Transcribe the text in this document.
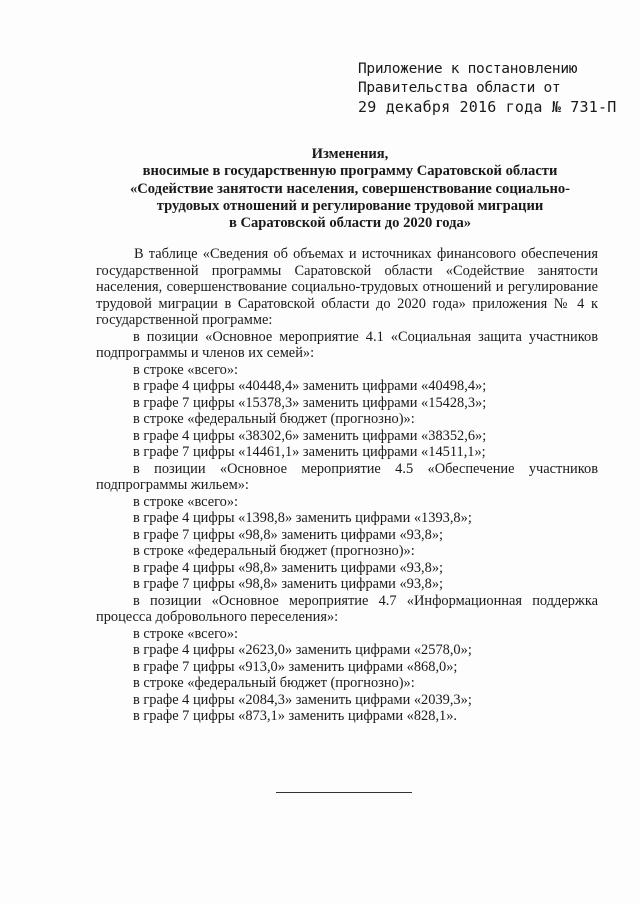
Приложение к постановлению
Правительства области от
29 декабря 2016 года № 731-П
Изменения,
вносимые в государственную программу Саратовской области
«Содействие занятости населения, совершенствование социально-
трудовых отношений и регулирование трудовой миграции
в Саратовской области до 2020 года»
В таблице «Сведения об объемах и источниках финансового обеспечения государственной программы Саратовской области «Содействие занятости населения, совершенствование социально-трудовых отношений и регулирование трудовой миграции в Саратовской области до 2020 года» приложения № 4 к государственной программе:
в позиции «Основное мероприятие 4.1 «Социальная защита участников подпрограммы и членов их семей»:
в строке «всего»:
в графе 4 цифры «40448,4» заменить цифрами «40498,4»;
в графе 7 цифры «15378,3» заменить цифрами «15428,3»;
в строке «федеральный бюджет (прогнозно)»:
в графе 4 цифры «38302,6» заменить цифрами «38352,6»;
в графе 7 цифры «14461,1» заменить цифрами «14511,1»;
в позиции «Основное мероприятие 4.5 «Обеспечение участников подпрограммы жильем»:
в строке «всего»:
в графе 4 цифры «1398,8» заменить цифрами «1393,8»;
в графе 7 цифры «98,8» заменить цифрами «93,8»;
в строке «федеральный бюджет (прогнозно)»:
в графе 4 цифры «98,8» заменить цифрами «93,8»;
в графе 7 цифры «98,8» заменить цифрами «93,8»;
в позиции «Основное мероприятие 4.7 «Информационная поддержка процесса добровольного переселения»:
в строке «всего»:
в графе 4 цифры «2623,0» заменить цифрами «2578,0»;
в графе 7 цифры «913,0» заменить цифрами «868,0»;
в строке «федеральный бюджет (прогнозно)»:
в графе 4 цифры «2084,3» заменить цифрами «2039,3»;
в графе 7 цифры «873,1» заменить цифрами «828,1».
